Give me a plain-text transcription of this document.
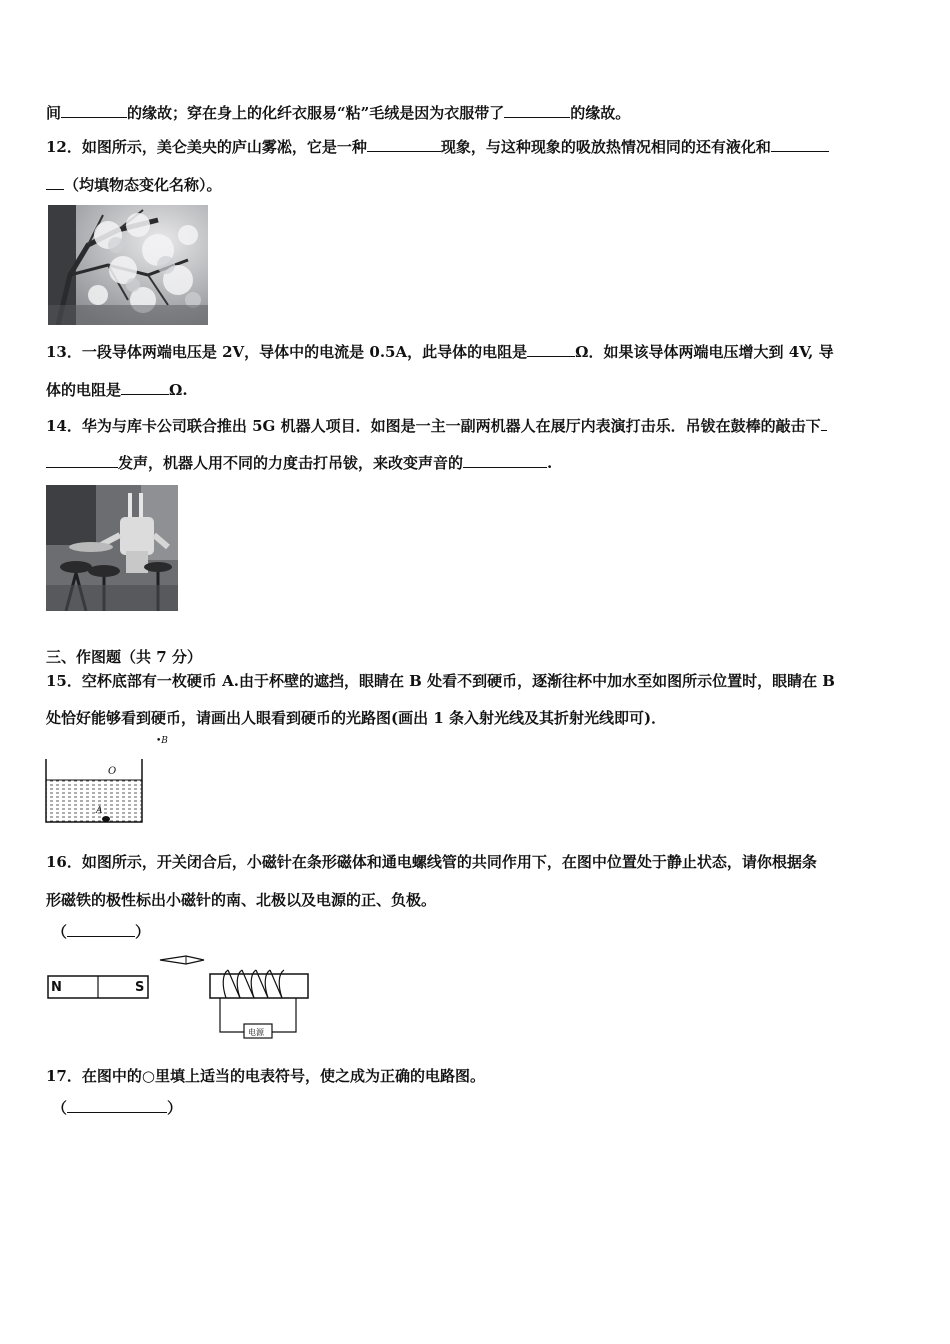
间	的缘故；穿在身上的化纤衣服易“粘”毛绒是因为衣服带了	的缘故。
12．如图所示，美仑美央的庐山雾凇，它是一种	现象，与这种现象的吸放热情况相同的还有液化和
（均填物态变化名称）。
13．一段导体两端电压是 2V，导体中的电流是 0.5A，此导体的电阻是	Ω．如果该导体两端电压增大到 4V, 导
体的电阻是	Ω.
14．华为与库卡公司联合推出 5G 机器人项目．如图是一主一副两机器人在展厅内表演打击乐．吊钹在鼓棒的敲击下
发声，机器人用不同的力度击打吊钹，来改变声音的	.
三、作图题（共 7 分）
15．空杯底部有一枚硬币 A.由于杯壁的遮挡，眼睛在 B 处看不到硬币，逐渐往杯中加水至如图所示位置时，眼睛在 B
处恰好能够看到硬币，请画出人眼看到硬币的光路图(画出 1 条入射光线及其折射光线即可)．
•B
O
A
16．如图所示，开关闭合后，小磁针在条形磁体和通电螺线管的共同作用下，在图中位置处于静止状态，请你根据条
形磁铁的极性标出小磁针的南、北极以及电源的正、负极。
（	）
N	S
电源
17．在图中的○里填上适当的电表符号，使之成为正确的电路图。
（	）
